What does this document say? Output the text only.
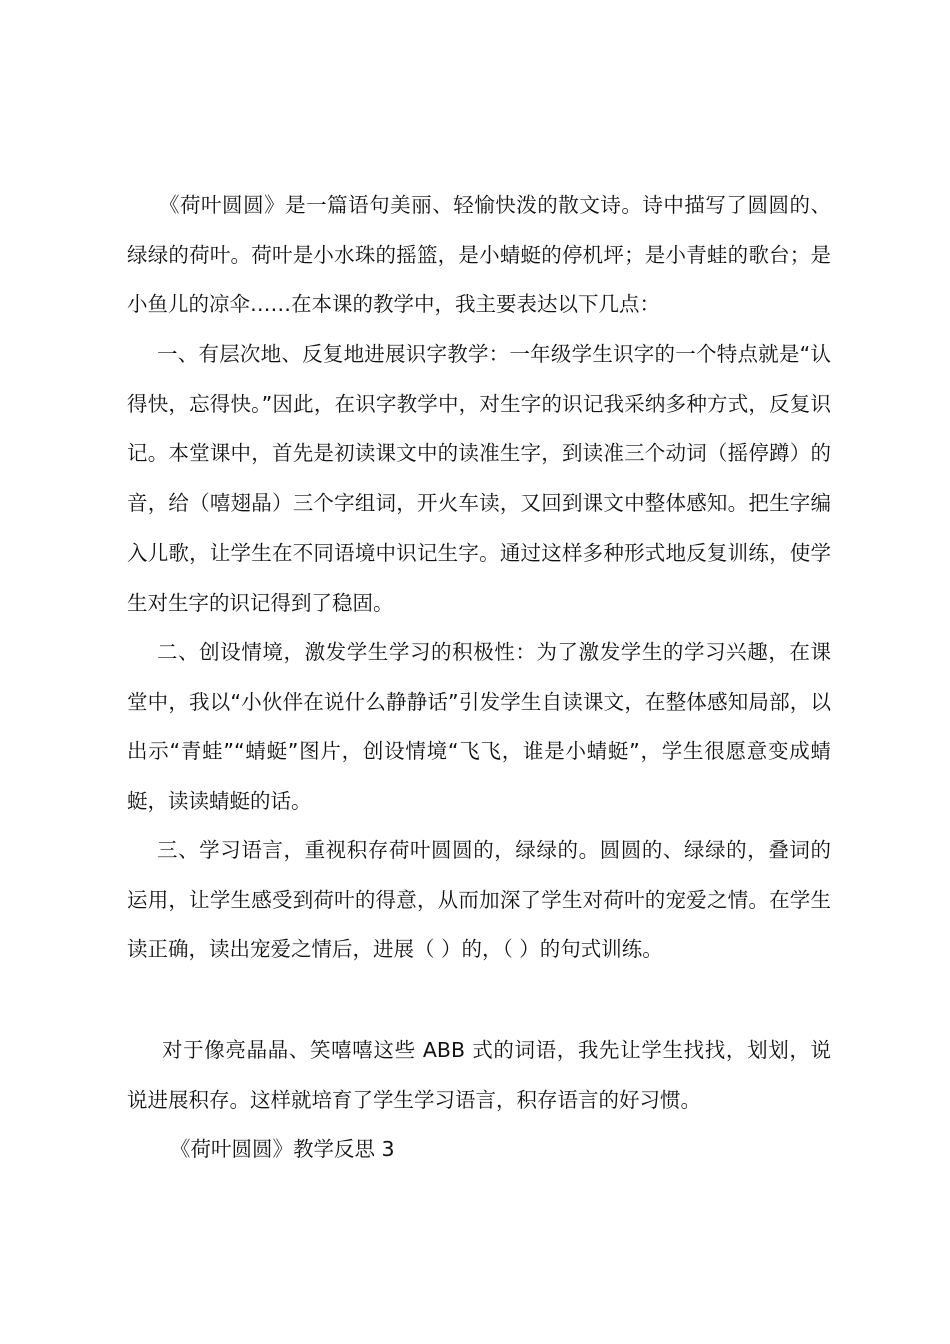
《荷叶圆圆》是一篇语句美丽、轻愉快泼的散文诗。诗中描写了圆圆的、绿绿的荷叶。荷叶是小水珠的摇篮，是小蜻蜓的停机坪；是小青蛙的歌台；是小鱼儿的凉伞……在本课的教学中，我主要表达以下几点：

一、有层次地、反复地进展识字教学：一年级学生识字的一个特点就是“认得快，忘得快。”因此，在识字教学中，对生字的识记我采纳多种方式，反复识记。本堂课中，首先是初读课文中的读准生字，到读准三个动词（摇停蹲）的音，给（嘻翅晶）三个字组词，开火车读，又回到课文中整体感知。把生字编入儿歌，让学生在不同语境中识记生字。通过这样多种形式地反复训练，使学生对生字的识记得到了稳固。

二、创设情境，激发学生学习的积极性：为了激发学生的学习兴趣，在课堂中，我以“小伙伴在说什么静静话”引发学生自读课文，在整体感知局部，以出示“青蛙”“蜻蜓”图片，创设情境“飞飞，谁是小蜻蜓”，学生很愿意变成蜻蜓，读读蜻蜓的话。

三、学习语言，重视积存荷叶圆圆的，绿绿的。圆圆的、绿绿的，叠词的运用，让学生感受到荷叶的得意，从而加深了学生对荷叶的宠爱之情。在学生读正确，读出宠爱之情后，进展（ ）的，（ ）的句式训练。

对于像亮晶晶、笑嘻嘻这些 ABB 式的词语，我先让学生找找，划划，说说进展积存。这样就培育了学生学习语言，积存语言的好习惯。

《荷叶圆圆》教学反思 3
